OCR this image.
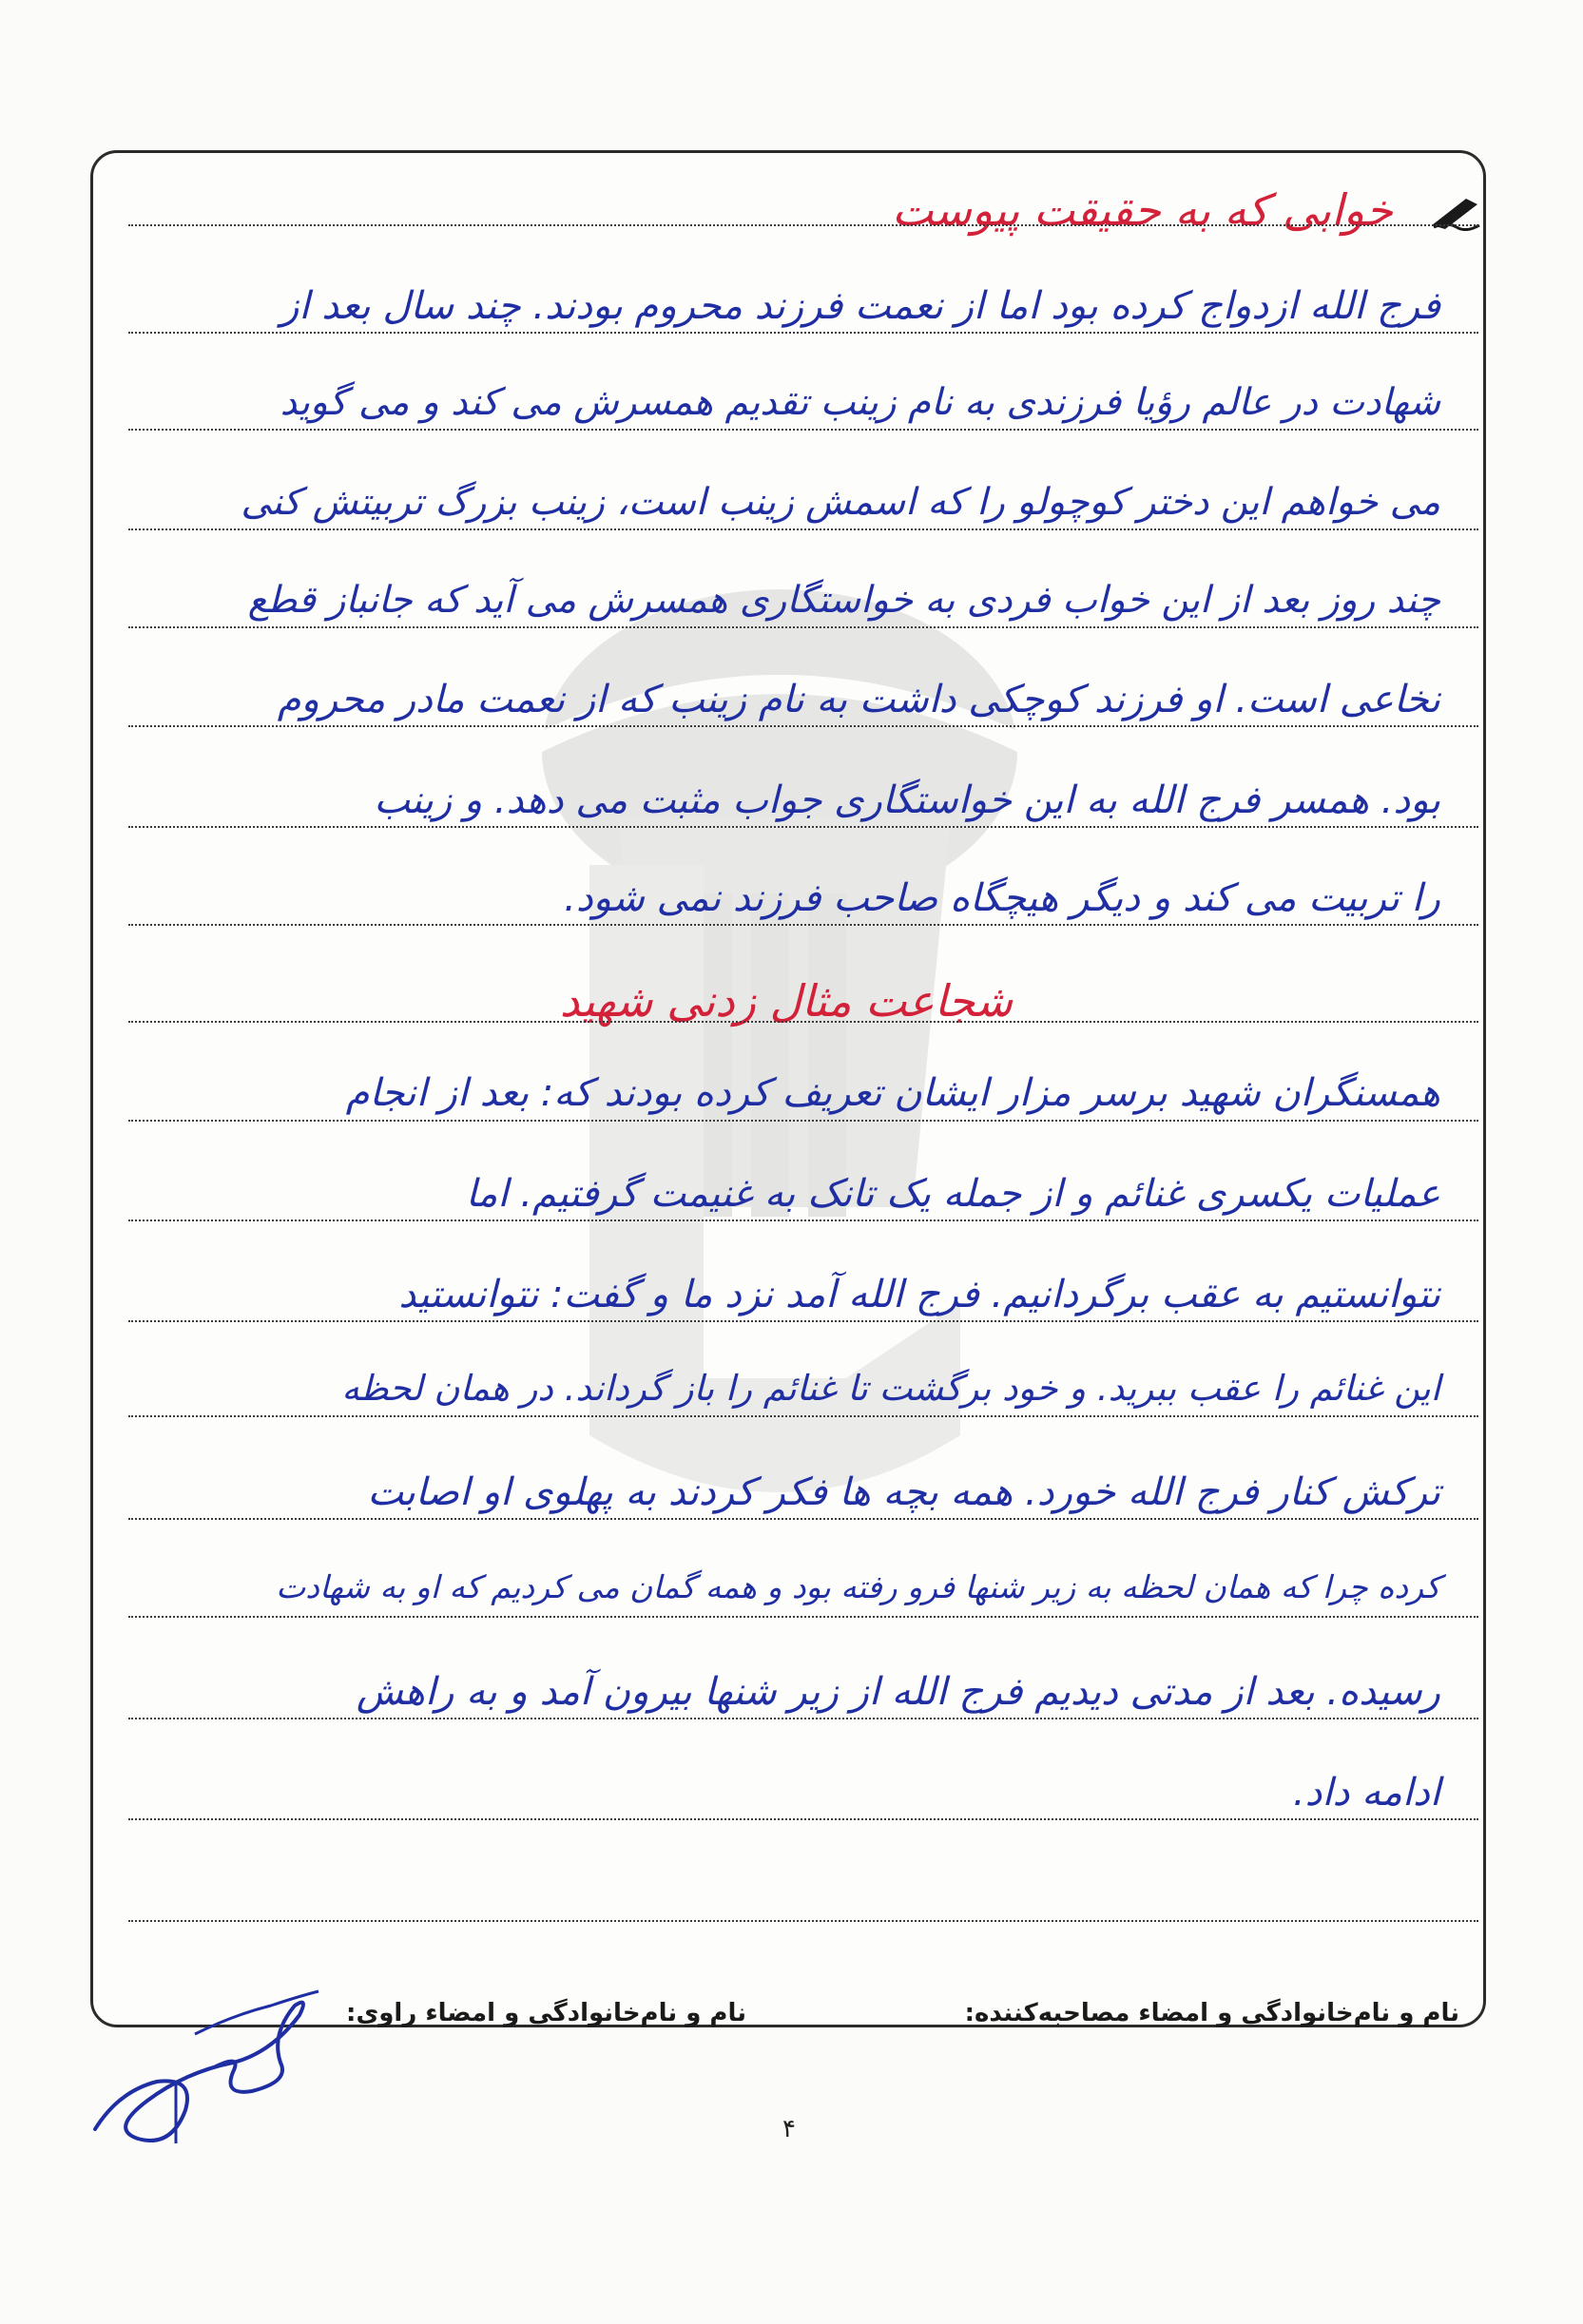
خوابی که به حقیقت پیوست
شجاعت مثال زدنی شهید
فرج الله ازدواج کرده بود اما از نعمت فرزند محروم بودند. چند سال بعد از
شهادت در عالم رؤیا فرزندی به نام زینب تقدیم همسرش می کند و می گوید
می خواهم این دختر کوچولو را که اسمش زینب است، زینب بزرگ تربیتش کنی
چند روز بعد از این خواب فردی به خواستگاری همسرش می آید که جانباز قطع
نخاعی است. او فرزند کوچکی داشت به نام زینب که از نعمت مادر محروم
بود. همسر فرج الله به این خواستگاری جواب مثبت می دهد. و زینب
را تربیت می کند و دیگر هیچگاه صاحب فرزند نمی شود.
همسنگران شهید برسر مزار ایشان تعریف کرده بودند که: بعد از انجام
عملیات یکسری غنائم و از جمله یک تانک به غنیمت گرفتیم. اما
نتوانستیم به عقب برگردانیم. فرج الله آمد نزد ما و گفت: نتوانستید
این غنائم را عقب ببرید. و خود برگشت تا غنائم را باز گرداند. در همان لحظه
ترکش کنار فرج الله خورد. همه بچه ها فکر کردند به پهلوی او اصابت
کرده چرا که همان لحظه به زیر شنها فرو رفته بود و همه گمان می کردیم که او به شهادت
رسیده. بعد از مدتی دیدیم فرج الله از زیر شنها بیرون آمد و به راهش
ادامه داد.
نام و نام‌خانوادگی و امضاء مصاحبه‌کننده:
نام و نام‌خانوادگی و امضاء راوی:
۴
